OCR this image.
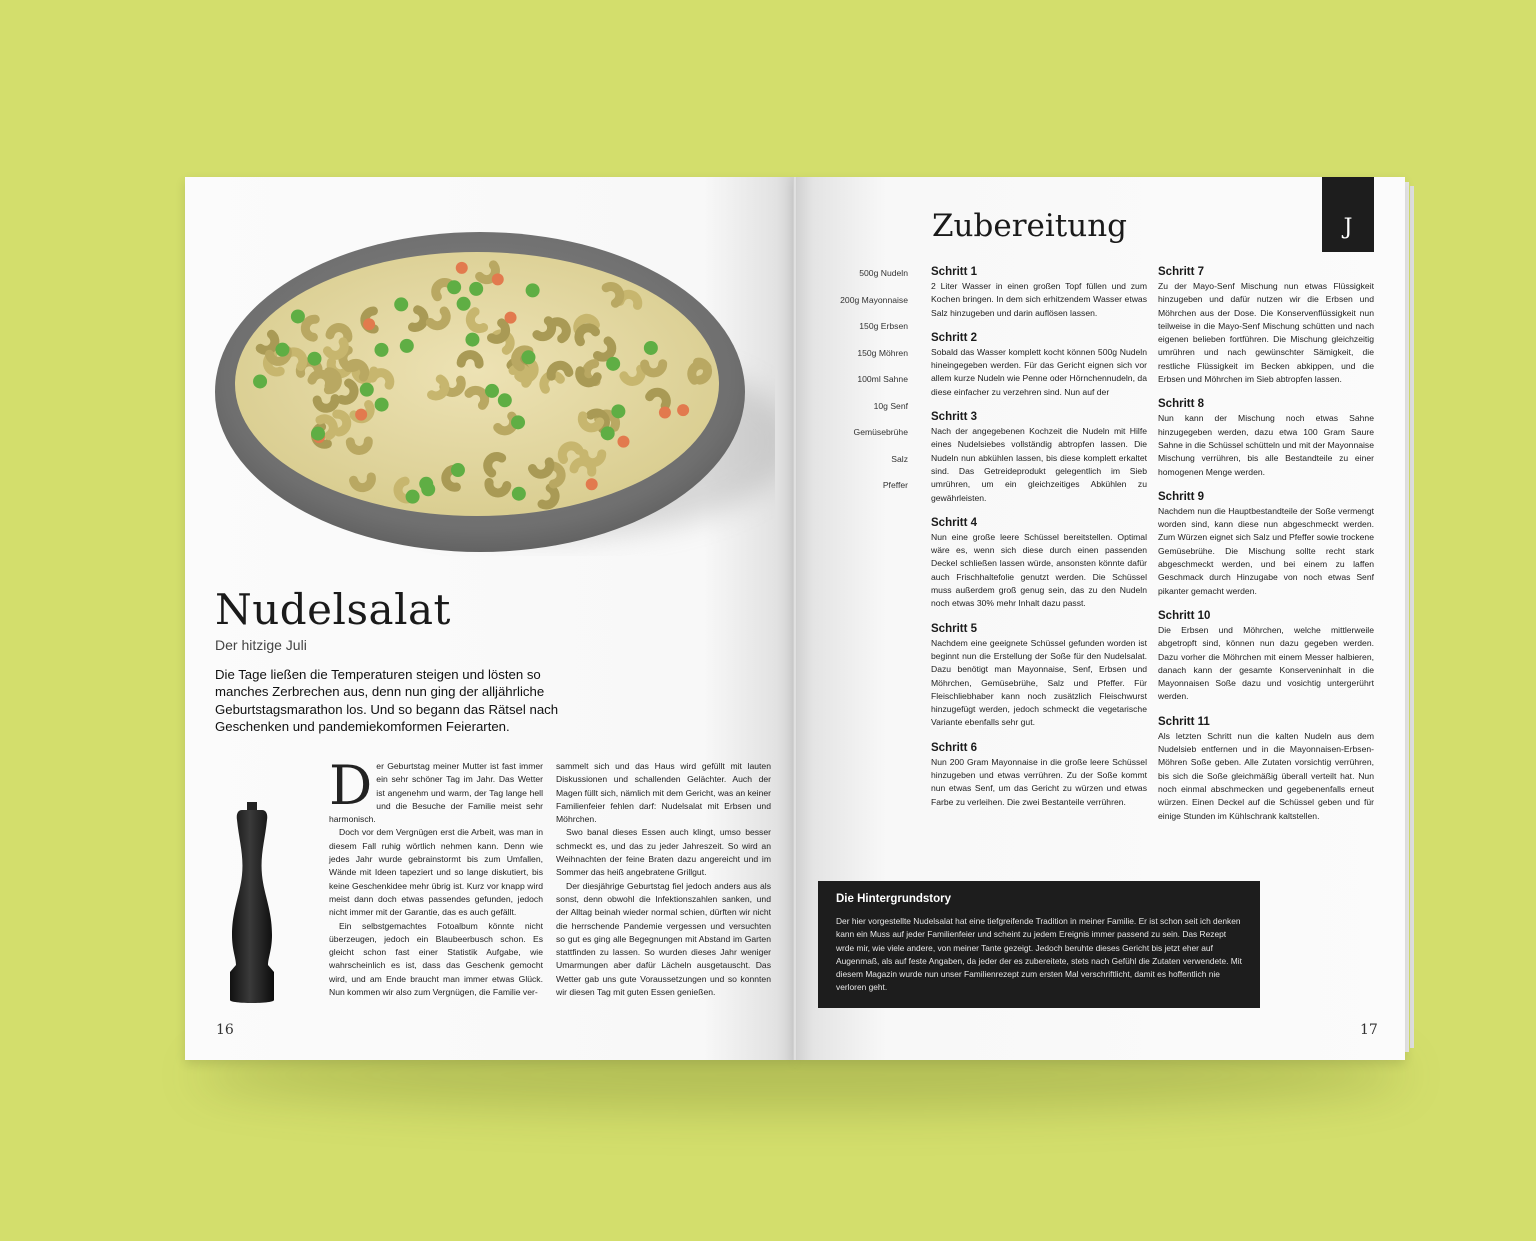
Nudelsalat
Der hitzige Juli
Die Tage ließen die Temperaturen steigen und lösten so manches Zerbrechen aus, denn nun ging der alljährliche Geburtstagsmarathon los. Und so begann das Rätsel nach Geschenken und pandemiekomformen Feierarten.

Der Geburtstag meiner Mutter ist fast immer ein sehr schöner Tag im Jahr. Das Wetter ist angenehm und warm, der Tag lange hell und die Besuche der Familie meist sehr harmonisch.

Doch vor dem Vergnügen erst die Arbeit, was man in diesem Fall ruhig wörtlich nehmen kann. Denn wie jedes Jahr wurde gebrainstormt bis zum Umfallen, Wände mit Ideen tapeziert und so lange diskutiert, bis keine Geschenkidee mehr übrig ist. Kurz vor knapp wird meist dann doch etwas passendes gefunden, jedoch nicht immer mit der Garantie, das es auch gefällt.

Ein selbstgemachtes Fotoalbum könnte nicht überzeugen, jedoch ein Blaubeerbusch schon. Es gleicht schon fast einer Statistik Aufgabe, wie wahrscheinlich es ist, dass das Geschenk gemocht wird, und am Ende braucht man immer etwas Glück. Nun kommen wir also zum Vergnügen, die Familie ver-

sammelt sich und das Haus wird gefüllt mit lauten Diskussionen und schallenden Gelächter. Auch der Magen füllt sich, nämlich mit dem Gericht, was an keiner Familienfeier fehlen darf: Nudelsalat mit Erbsen und Möhrchen.

Swo banal dieses Essen auch klingt, umso besser schmeckt es, und das zu jeder Jahreszeit. So wird an Weihnachten der feine Braten dazu angereicht und im Sommer das heiß angebratene Grillgut.

Der diesjährige Geburtstag fiel jedoch anders aus als sonst, denn obwohl die Infektionszahlen sanken, und der Alltag beinah wieder normal schien, dürften wir nicht die herrschende Pandemie vergessen und versuchten so gut es ging alle Begegnungen mit Abstand im Garten stattfinden zu lassen. So wurden dieses Jahr weniger Umarmungen aber dafür Lächeln ausgetauscht. Das Wetter gab uns gute Voraussetzungen und so konnten wir diesen Tag mit guten Essen genießen.

16
Zubereitung	J
500g Nudeln
200g Mayonnaise
150g Erbsen
150g Möhren
100ml Sahne
10g Senf
Gemüsebrühe
Salz
Pfeffer
Schritt 1

2 Liter Wasser in einen großen Topf füllen und zum Kochen bringen. In dem sich erhitzendem Wasser etwas Salz hinzugeben und darin auflösen lassen.

Schritt 2

Sobald das Wasser komplett kocht können 500g Nudeln hineingegeben werden. Für das Gericht eignen sich vor allem kurze Nudeln wie Penne oder Hörnchennudeln, da diese einfacher zu verzehren sind. Nun auf der

Schritt 3

Nach der angegebenen Kochzeit die Nudeln mit Hilfe eines Nudelsiebes vollständig abtropfen lassen. Die Nudeln nun abkühlen lassen, bis diese komplett erkaltet sind. Das Getreideprodukt gelegentlich im Sieb umrühren, um ein gleichzeitiges Abkühlen zu gewährleisten.

Schritt 4

Nun eine große leere Schüssel bereitstellen. Optimal wäre es, wenn sich diese durch einen passenden Deckel schließen lassen würde, ansonsten könnte dafür auch Frischhaltefolie genutzt werden. Die Schüssel muss außerdem groß genug sein, das zu den Nudeln noch etwas 30% mehr Inhalt dazu passt.

Schritt 5

Nachdem eine geeignete Schüssel gefunden worden ist beginnt nun die Erstellung der Soße für den Nudelsalat. Dazu benötigt man Mayonnaise, Senf, Erbsen und Möhrchen, Gemüsebrühe, Salz und Pfeffer. Für Fleischliebhaber kann noch zusätzlich Fleischwurst hinzugefügt werden, jedoch schmeckt die vegetarische Variante ebenfalls sehr gut.

Schritt 6

Nun 200 Gram Mayonnaise in die große leere Schüssel hinzugeben und etwas verrühren. Zu der Soße kommt nun etwas Senf, um das Gericht zu würzen und etwas Farbe zu verleihen. Die zwei Bestanteile verrühren.

Schritt 7

Zu der Mayo-Senf Mischung nun etwas Flüssigkeit hinzugeben und dafür nutzen wir die Erbsen und Möhrchen aus der Dose. Die Konservenflüssigkeit nun teilweise in die Mayo-Senf Mischung schütten und nach eigenen belieben fortführen. Die Mischung gleichzeitig umrühren und nach gewünschter Sämigkeit, die restliche Flüssigkeit im Becken abkippen, und die Erbsen und Möhrchen im Sieb abtropfen lassen.

Schritt 8

Nun kann der Mischung noch etwas Sahne hinzugegeben werden, dazu etwa 100 Gram Saure Sahne in die Schüssel schütteln und mit der Mayonnaise Mischung verrühren, bis alle Bestandteile zu einer homogenen Menge werden.

Schritt 9

Nachdem nun die Hauptbestandteile der Soße vermengt worden sind, kann diese nun abgeschmeckt werden. Zum Würzen eignet sich Salz und Pfeffer sowie trockene Gemüsebrühe. Die Mischung sollte recht stark abgeschmeckt werden, und bei einem zu laffen Geschmack durch Hinzugabe von noch etwas Senf pikanter gemacht werden.

Schritt 10

Die Erbsen und Möhrchen, welche mittlerweile abgetropft sind, können nun dazu gegeben werden. Dazu vorher die Möhrchen mit einem Messer halbieren, danach kann der gesamte Konserveninhalt in die Mayonnaisen Soße dazu und vosichtig untergerührt werden.

Schritt 11

Als letzten Schritt nun die kalten Nudeln aus dem Nudelsieb entfernen und in die Mayonnaisen-Erbsen-Möhren Soße geben. Alle Zutaten vorsichtig verrühren, bis sich die Soße gleichmäßig überall verteilt hat. Nun noch einmal abschmecken und gegebenenfalls erneut würzen. Einen Deckel auf die Schüssel geben und für einige Stunden im Kühlschrank kaltstellen.

Die Hintergrundstory

Der hier vorgestellte Nudelsalat hat eine tiefgreifende Tradition in meiner Familie. Er ist schon seit ich denken kann ein Muss auf jeder Familienfeier und scheint zu jedem Ereignis immer passend zu sein. Das Rezept wrde mir, wie viele andere, von meiner Tante gezeigt. Jedoch beruhte dieses Gericht bis jetzt eher auf Augenmaß, als auf feste Angaben, da jeder der es zubereitete, stets nach Gefühl die Zutaten verwendete. Mit diesem Magazin wurde nun unser Familienrezept zum ersten Mal verschriftlicht, damit es hoffentlich nie verloren geht.

17
